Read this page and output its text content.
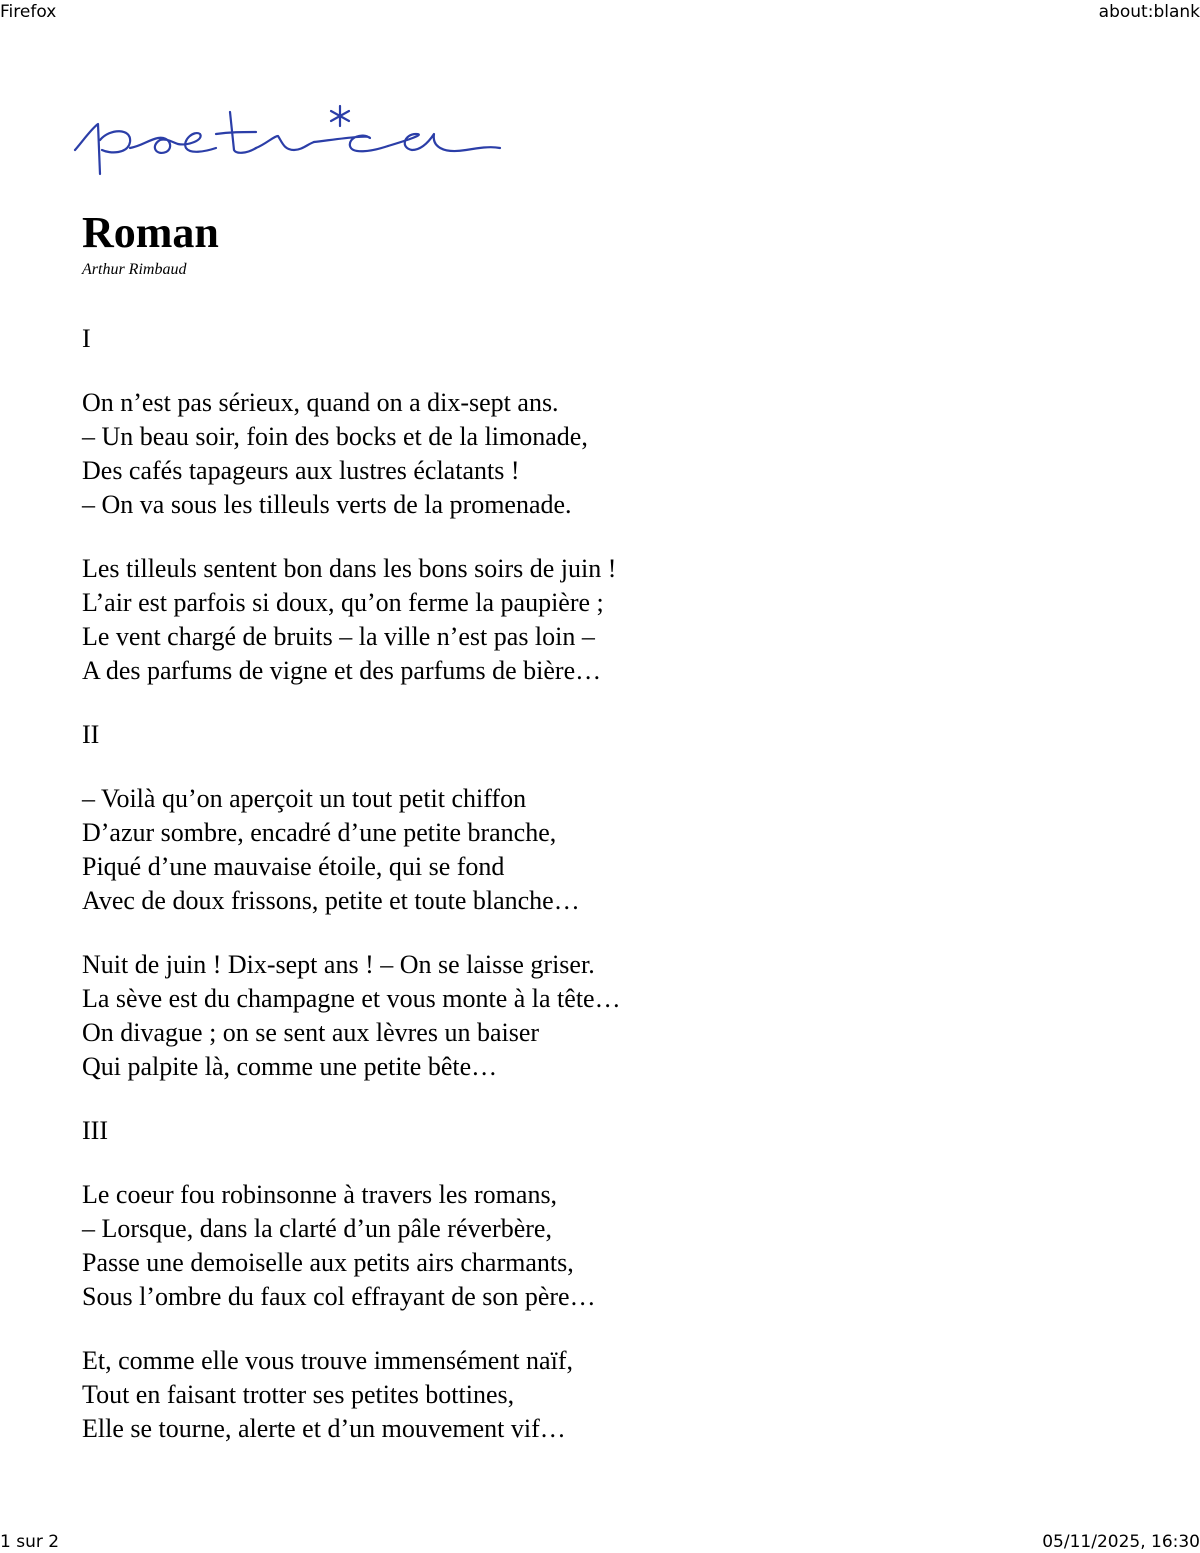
Firefox	about:blank
Roman

Arthur Rimbaud

I

On n’est pas sérieux, quand on a dix-sept ans.
– Un beau soir, foin des bocks et de la limonade,
Des cafés tapageurs aux lustres éclatants !
– On va sous les tilleuls verts de la promenade.
Les tilleuls sentent bon dans les bons soirs de juin !
L’air est parfois si doux, qu’on ferme la paupière ;
Le vent chargé de bruits – la ville n’est pas loin –
A des parfums de vigne et des parfums de bière…

II

– Voilà qu’on aperçoit un tout petit chiffon
D’azur sombre, encadré d’une petite branche,
Piqué d’une mauvaise étoile, qui se fond
Avec de doux frissons, petite et toute blanche…
Nuit de juin ! Dix-sept ans ! – On se laisse griser.
La sève est du champagne et vous monte à la tête…
On divague ; on se sent aux lèvres un baiser
Qui palpite là, comme une petite bête…

III

Le coeur fou robinsonne à travers les romans,
– Lorsque, dans la clarté d’un pâle réverbère,
Passe une demoiselle aux petits airs charmants,
Sous l’ombre du faux col effrayant de son père…
Et, comme elle vous trouve immensément naïf,
Tout en faisant trotter ses petites bottines,
Elle se tourne, alerte et d’un mouvement vif…
1 sur 2	05/11/2025, 16:30
